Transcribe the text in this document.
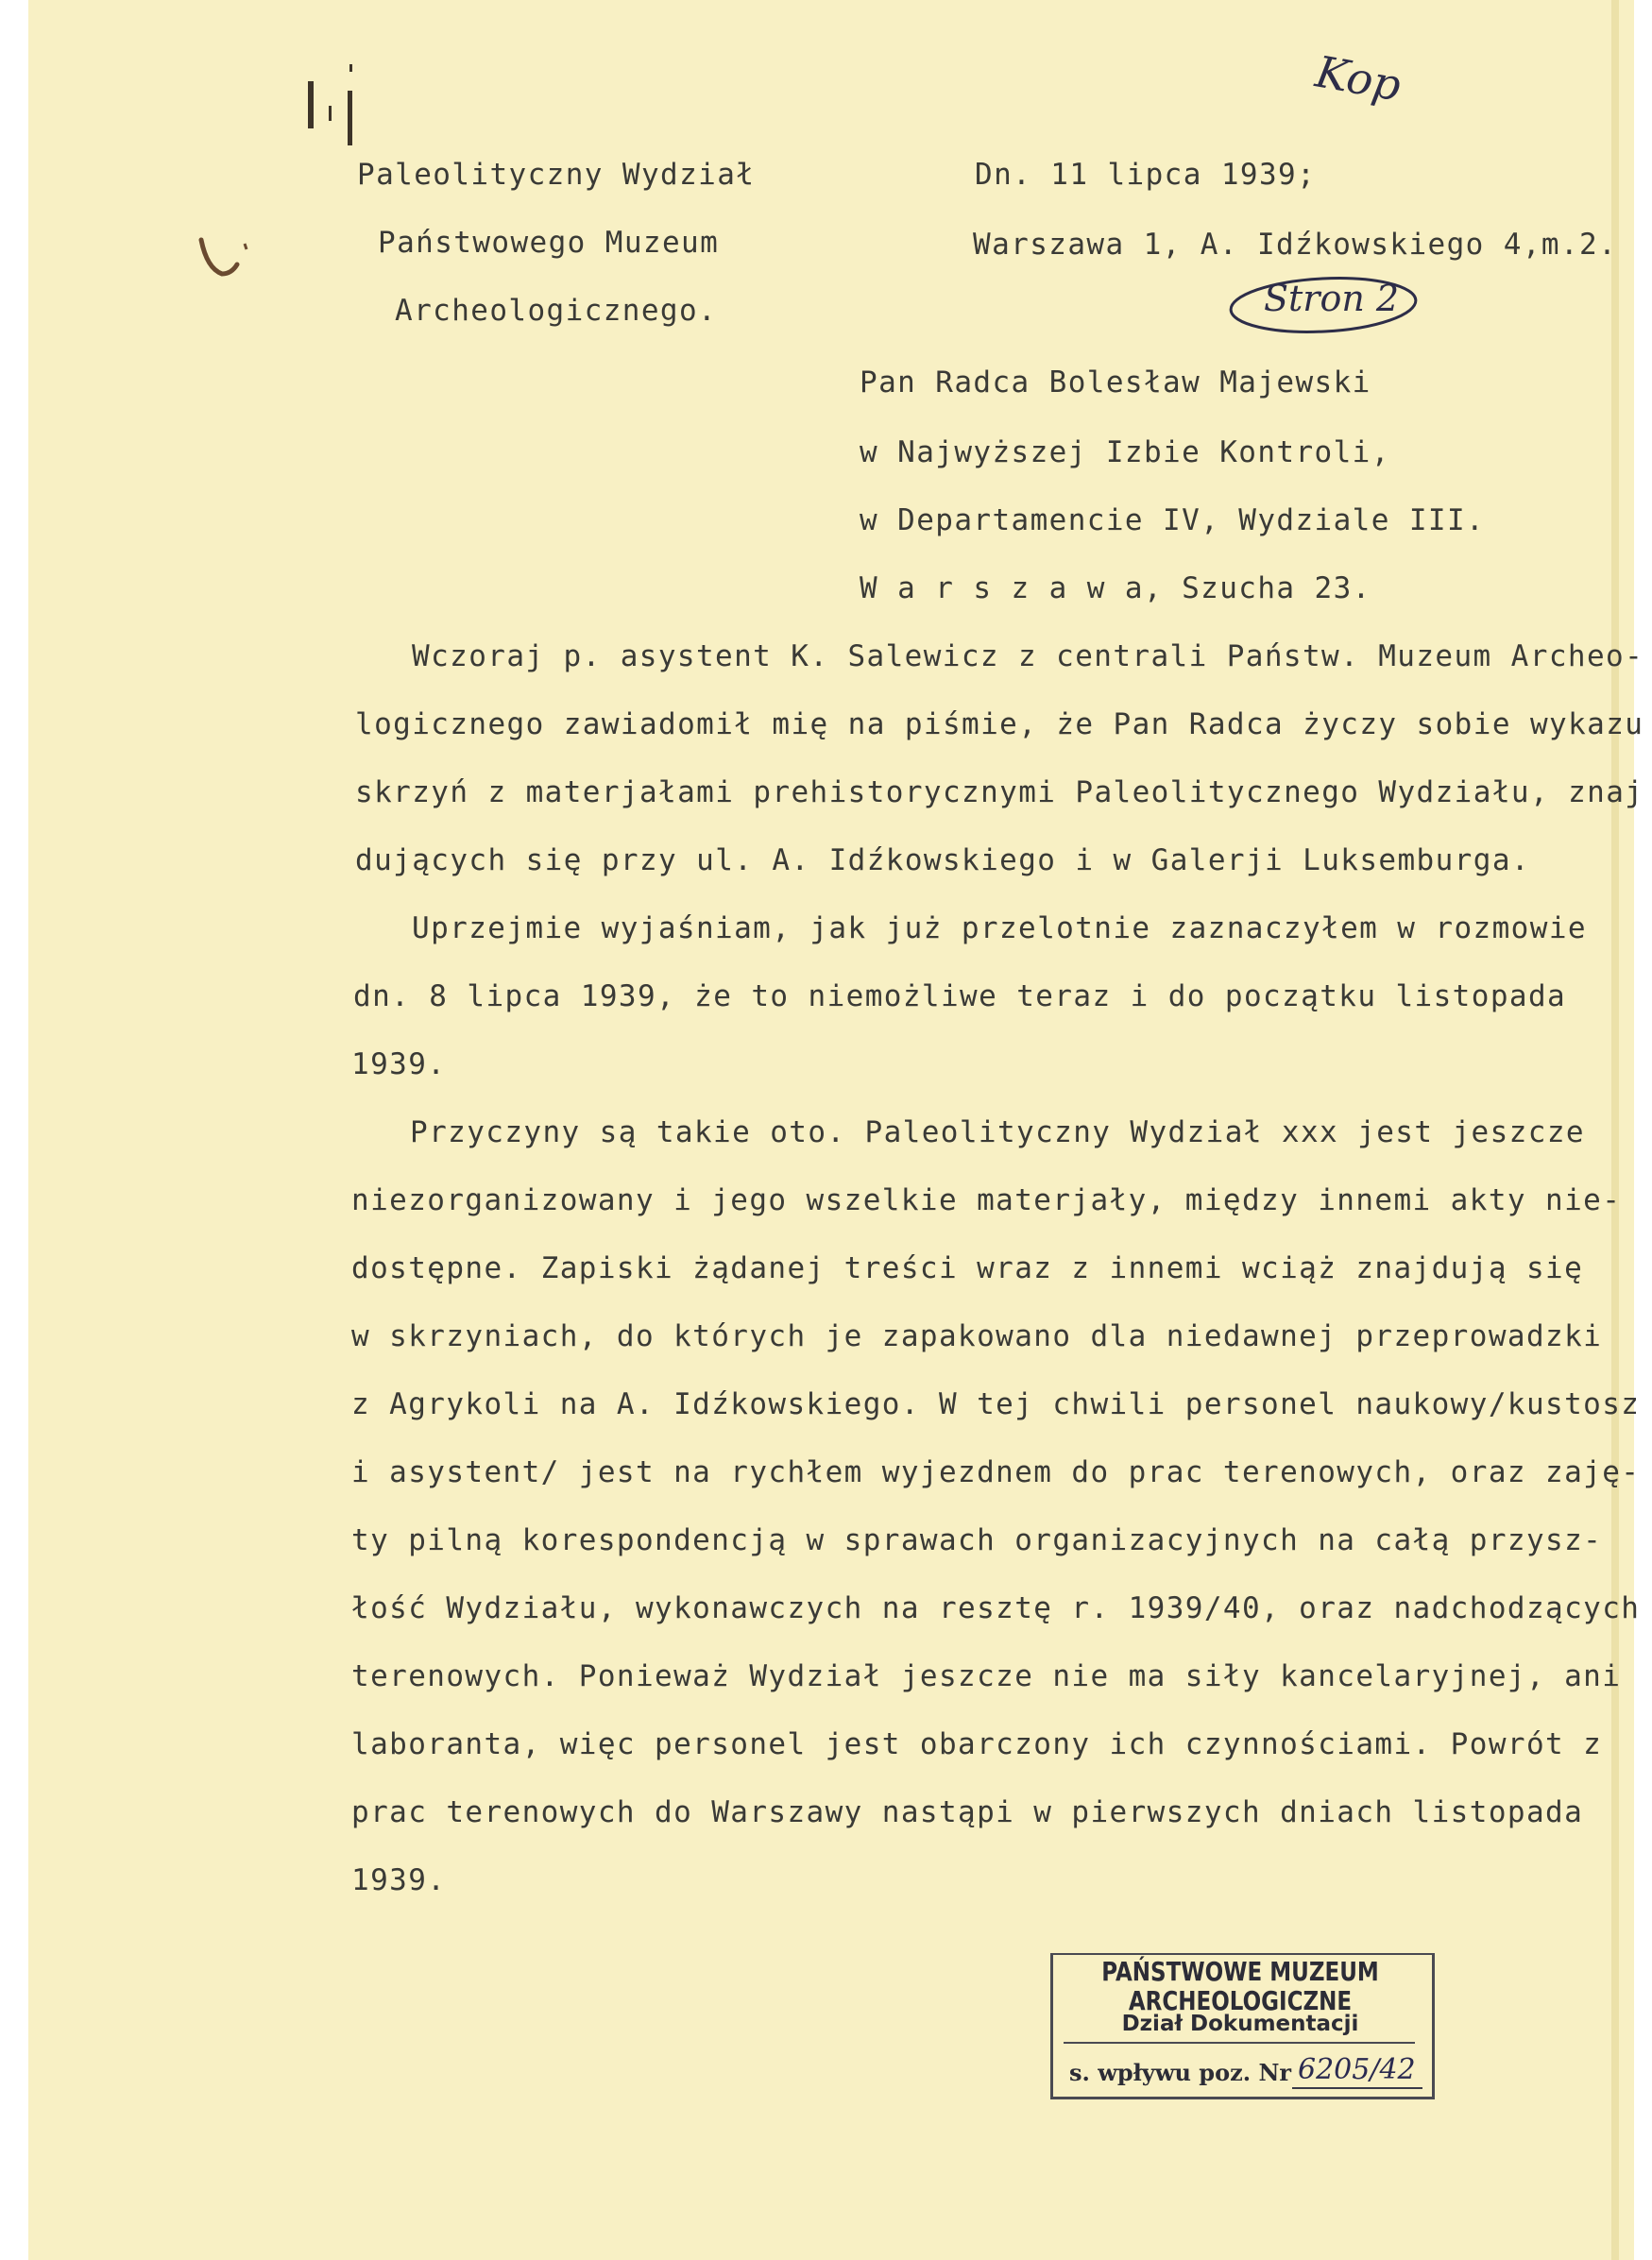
Kop
Stron 2
Paleolityczny Wydział
Państwowego Muzeum
Archeologicznego.
Dn. 11 lipca 1939;
Warszawa 1, A. Idźkowskiego 4,m.2.
Pan Radca Bolesław Majewski
w Najwyższej Izbie Kontroli,
w Departamencie IV, Wydziale III.
W a r s z a w a, Szucha 23.
Wczoraj p. asystent K. Salewicz z centrali Państw. Muzeum Archeo-
logicznego zawiadomił mię na piśmie, że Pan Radca życzy sobie wykazu
skrzyń z materjałami prehistorycznymi Paleolitycznego Wydziału, znaj
dujących się przy ul. A. Idźkowskiego i w Galerji Luksemburga.
Uprzejmie wyjaśniam, jak już przelotnie zaznaczyłem w rozmowie
dn. 8 lipca 1939, że to niemożliwe teraz i do początku listopada
1939.
Przyczyny są takie oto. Paleolityczny Wydział xxx jest jeszcze
niezorganizowany i jego wszelkie materjały, między innemi akty nie-
dostępne. Zapiski żądanej treści wraz z innemi wciąż znajdują się
w skrzyniach, do których je zapakowano dla niedawnej przeprowadzki
z Agrykoli na A. Idźkowskiego. W tej chwili personel naukowy/kustosz
i asystent/ jest na rychłem wyjezdnem do prac terenowych, oraz zaję-
ty pilną korespondencją w sprawach organizacyjnych na całą przysz-
łość Wydziału, wykonawczych na resztę r. 1939/40, oraz nadchodzących
terenowych. Ponieważ Wydział jeszcze nie ma siły kancelaryjnej, ani
laboranta, więc personel jest obarczony ich czynnościami. Powrót z
prac terenowych do Warszawy nastąpi w pierwszych dniach listopada
1939.
PAŃSTWOWE MUZEUM ARCHEOLOGICZNE
Dział Dokumentacji
s. wpływu poz. Nr 6205/42
